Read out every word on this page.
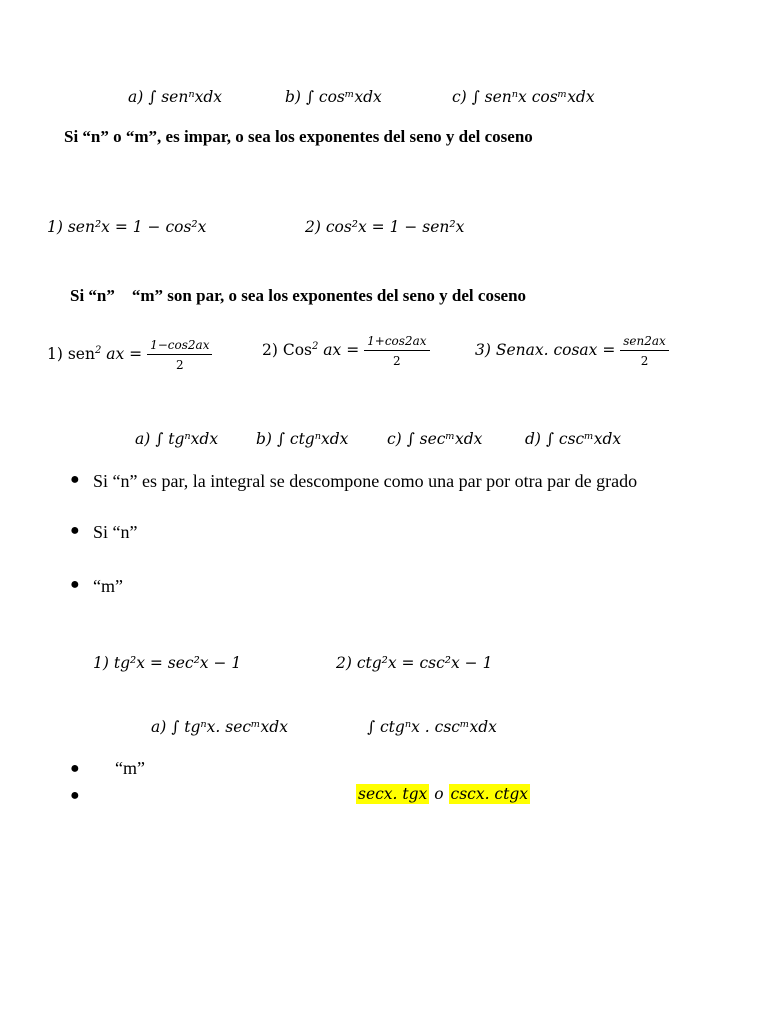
a) ∫ senⁿxdx	b) ∫ cosᵐxdx	c) ∫ senⁿx cosᵐxdx
Si “n” o “m”, es impar, o sea los exponentes del seno y del coseno
1) sen²x = 1 − cos²x	2) cos²x = 1 − sen²x
Si “n”    “m” son par, o sea los exponentes del seno y del coseno
1) sen$^2$ ax = $\frac{1-\cos 2ax}{2}$	2) Cos$^2$ ax = $\frac{1+\cos 2ax}{2}$	3) Senax. cosax = $\frac{\text{sen2ax}}{2}$
a) ∫ tgⁿxdx b) ∫ ctgⁿxdx c) ∫ secᵐxdx	d) ∫ cscᵐxdx
● Si “n” es par, la integral se descompone como una par por otra par de grado
● Si “n”
● “m”
1) tg²x = sec²x − 1	2) ctg²x = csc²x − 1
a) ∫ tgⁿx. secᵐxdx	∫ ctgⁿx . cscᵐxdx
● “m”
●	secx. tgx o cscx. ctgx
